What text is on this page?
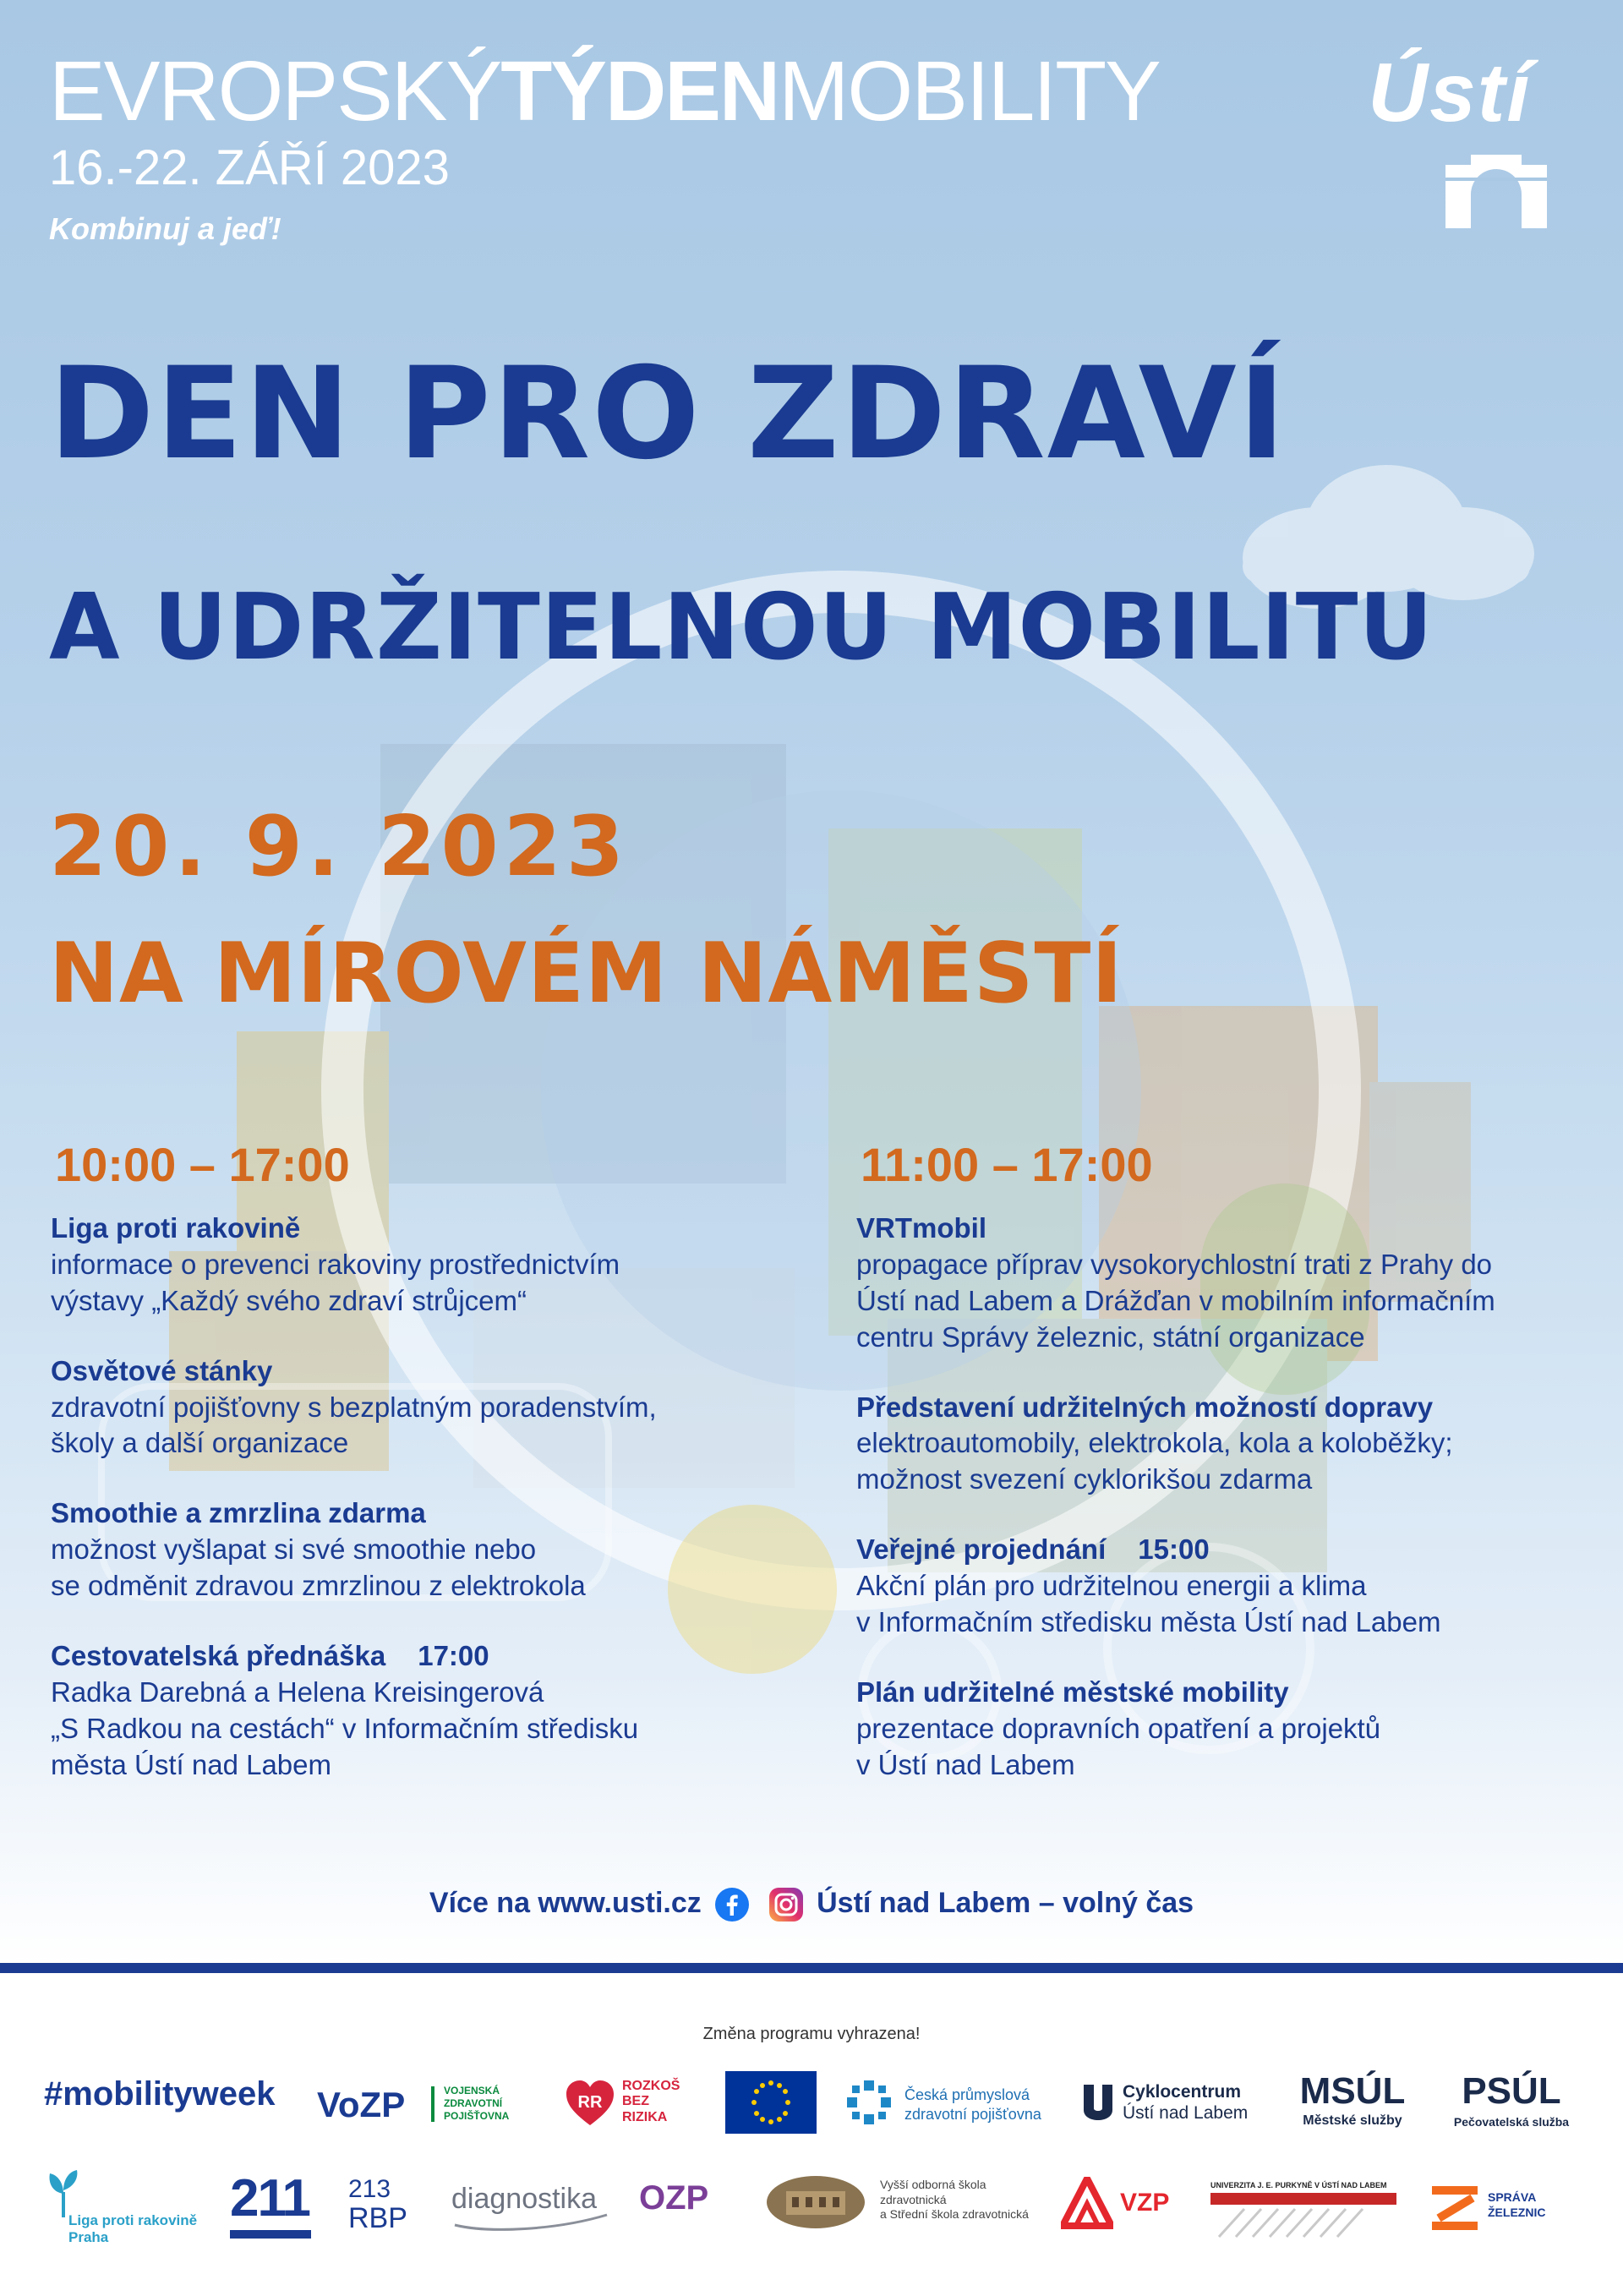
EVROPSKÝTÝDENMOBILITY
16.-22. ZÁŘÍ 2023
Kombinuj a jeď!
Ústí
DEN PRO ZDRAVÍ
A UDRŽITELNOU MOBILITU
20. 9. 2023
NA MÍROVÉM NÁMĚSTÍ
10:00 – 17:00
Liga proti rakovině
informace o prevenci rakoviny prostřednictvím
výstavy „Každý svého zdraví strůjcem“
Osvětové stánky
zdravotní pojišťovny s bezplatným poradenstvím,
školy a další organizace
Smoothie a zmrzlina zdarma
možnost vyšlapat si své smoothie nebo
se odměnit zdravou zmrzlinou z elektrokola
Cestovatelská přednáška 17:00
Radka Darebná a Helena Kreisingerová
„S Radkou na cestách“ v Informačním středisku
města Ústí nad Labem
11:00 – 17:00
VRTmobil
propagace příprav vysokorychlostní trati z Prahy do
Ústí nad Labem a Drážďan v mobilním informačním
centru Správy železnic, státní organizace
Představení udržitelných možností dopravy
elektroautomobily, elektrokola, kola a koloběžky;
možnost svezení cyklorikšou zdarma
Veřejné projednání 15:00
Akční plán pro udržitelnou energii a klima
v Informačním středisku města Ústí nad Labem
Plán udržitelné městské mobility
prezentace dopravních opatření a projektů
v Ústí nad Labem
Více na www.usti.cz	Ústí nad Labem – volný čas
Změna programu vyhrazena!
#mobilityweek VoZP	VOJENSKÁ
ZDRAVOTNÍ
POJIŠŤOVNA
RR
ROZKOŠ
BEZ
RIZIKA
Česká průmyslová
zdravotní pojišťovna
Cyklocentrum
Ústí nad Labem
MSÚL
Městské služby
PSÚL
Pečovatelská služba
Liga proti rakovině
Praha
211	213
RBP
diagnostika OZP	Vyšší odborná škola
zdravotnická
a Střední škola zdravotnická	VZP
UNIVERZITA J. E. PURKYNĚ V ÚSTÍ NAD LABEM
SPRÁVA
ŽELEZNIC
